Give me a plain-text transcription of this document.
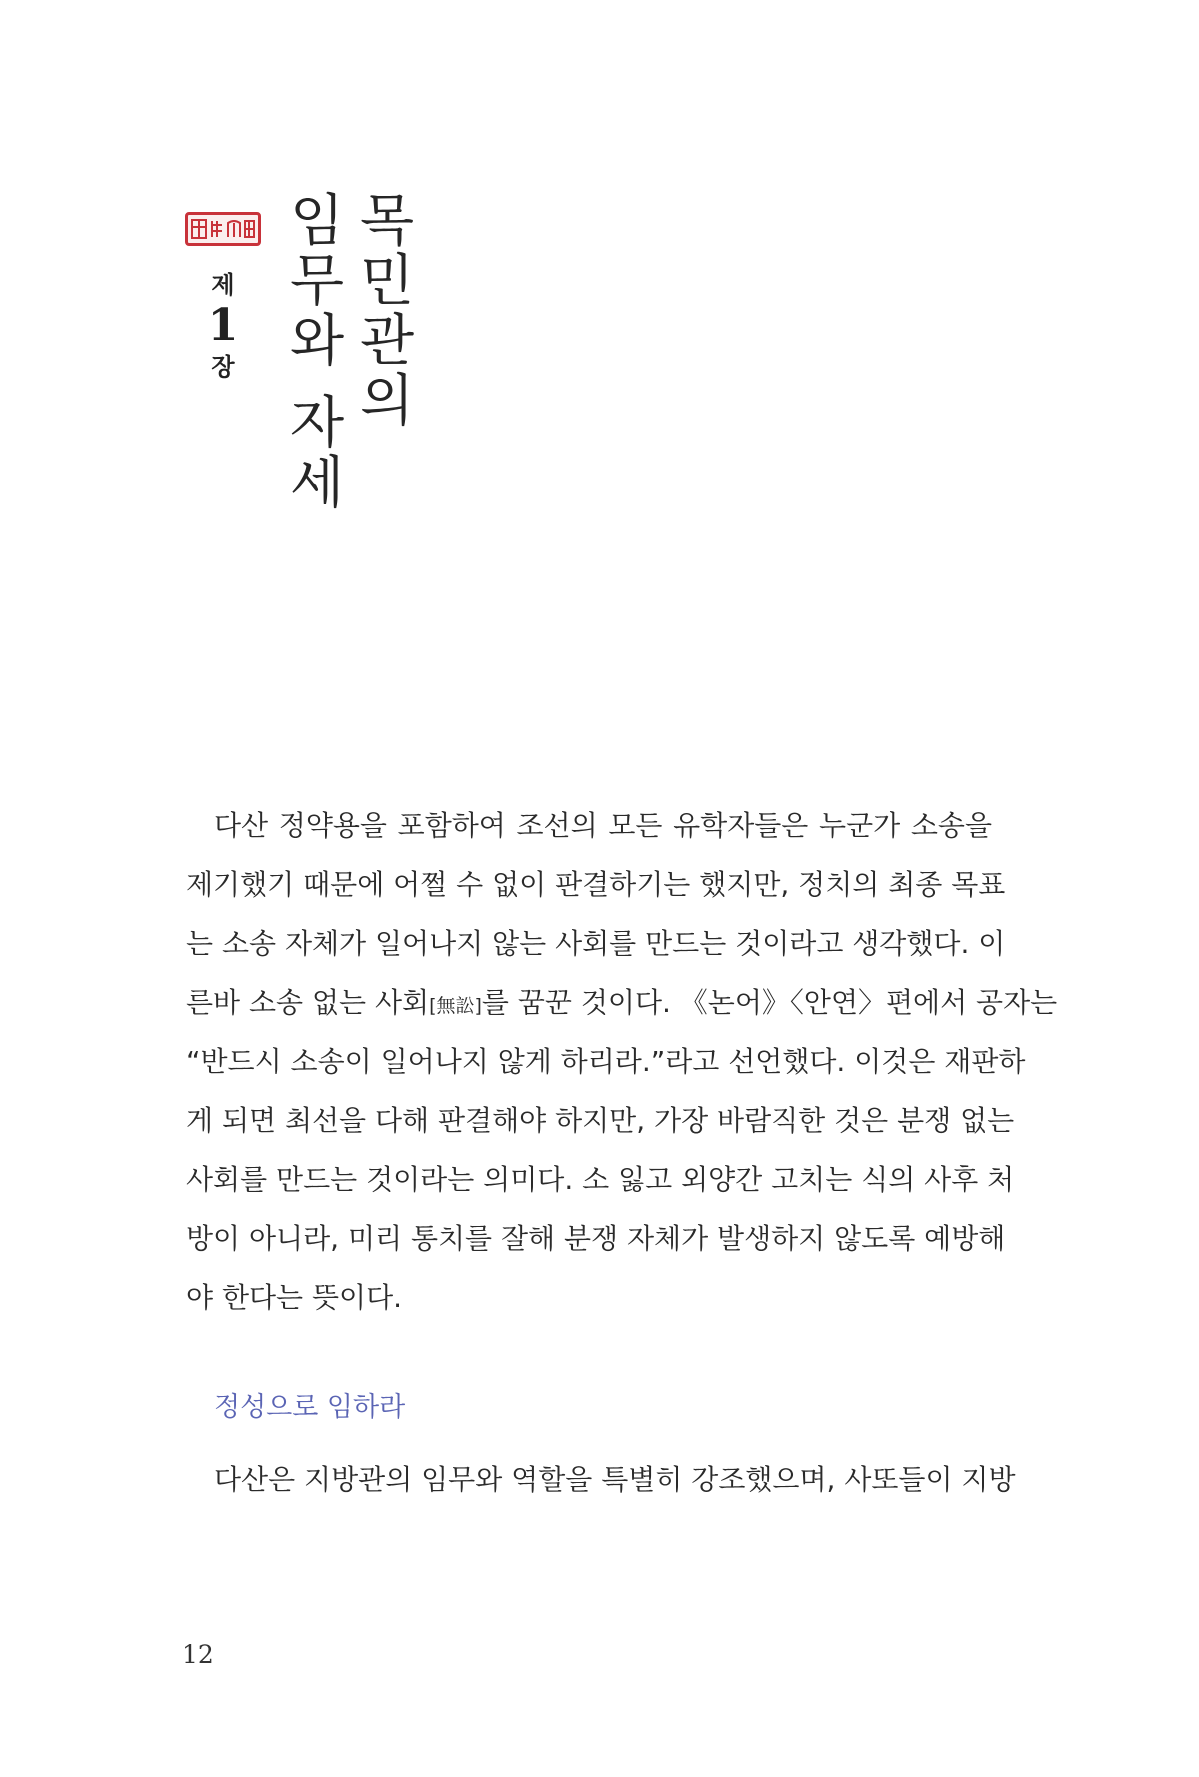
제
1
장
목
민
관
의
임
무
와
자
세
다산 정약용을 포함하여 조선의 모든 유학자들은 누군가 소송을
제기했기 때문에 어쩔 수 없이 판결하기는 했지만, 정치의 최종 목표
는 소송 자체가 일어나지 않는 사회를 만드는 것이라고 생각했다. 이
른바 소송 없는 사회[無訟]를 꿈꾼 것이다. 《논어》〈안연〉편에서 공자는
“반드시 소송이 일어나지 않게 하리라.”라고 선언했다. 이것은 재판하
게 되면 최선을 다해 판결해야 하지만, 가장 바람직한 것은 분쟁 없는
사회를 만드는 것이라는 의미다. 소 잃고 외양간 고치는 식의 사후 처
방이 아니라, 미리 통치를 잘해 분쟁 자체가 발생하지 않도록 예방해
야 한다는 뜻이다.
정성으로 임하라
다산은 지방관의 임무와 역할을 특별히 강조했으며, 사또들이 지방
12
